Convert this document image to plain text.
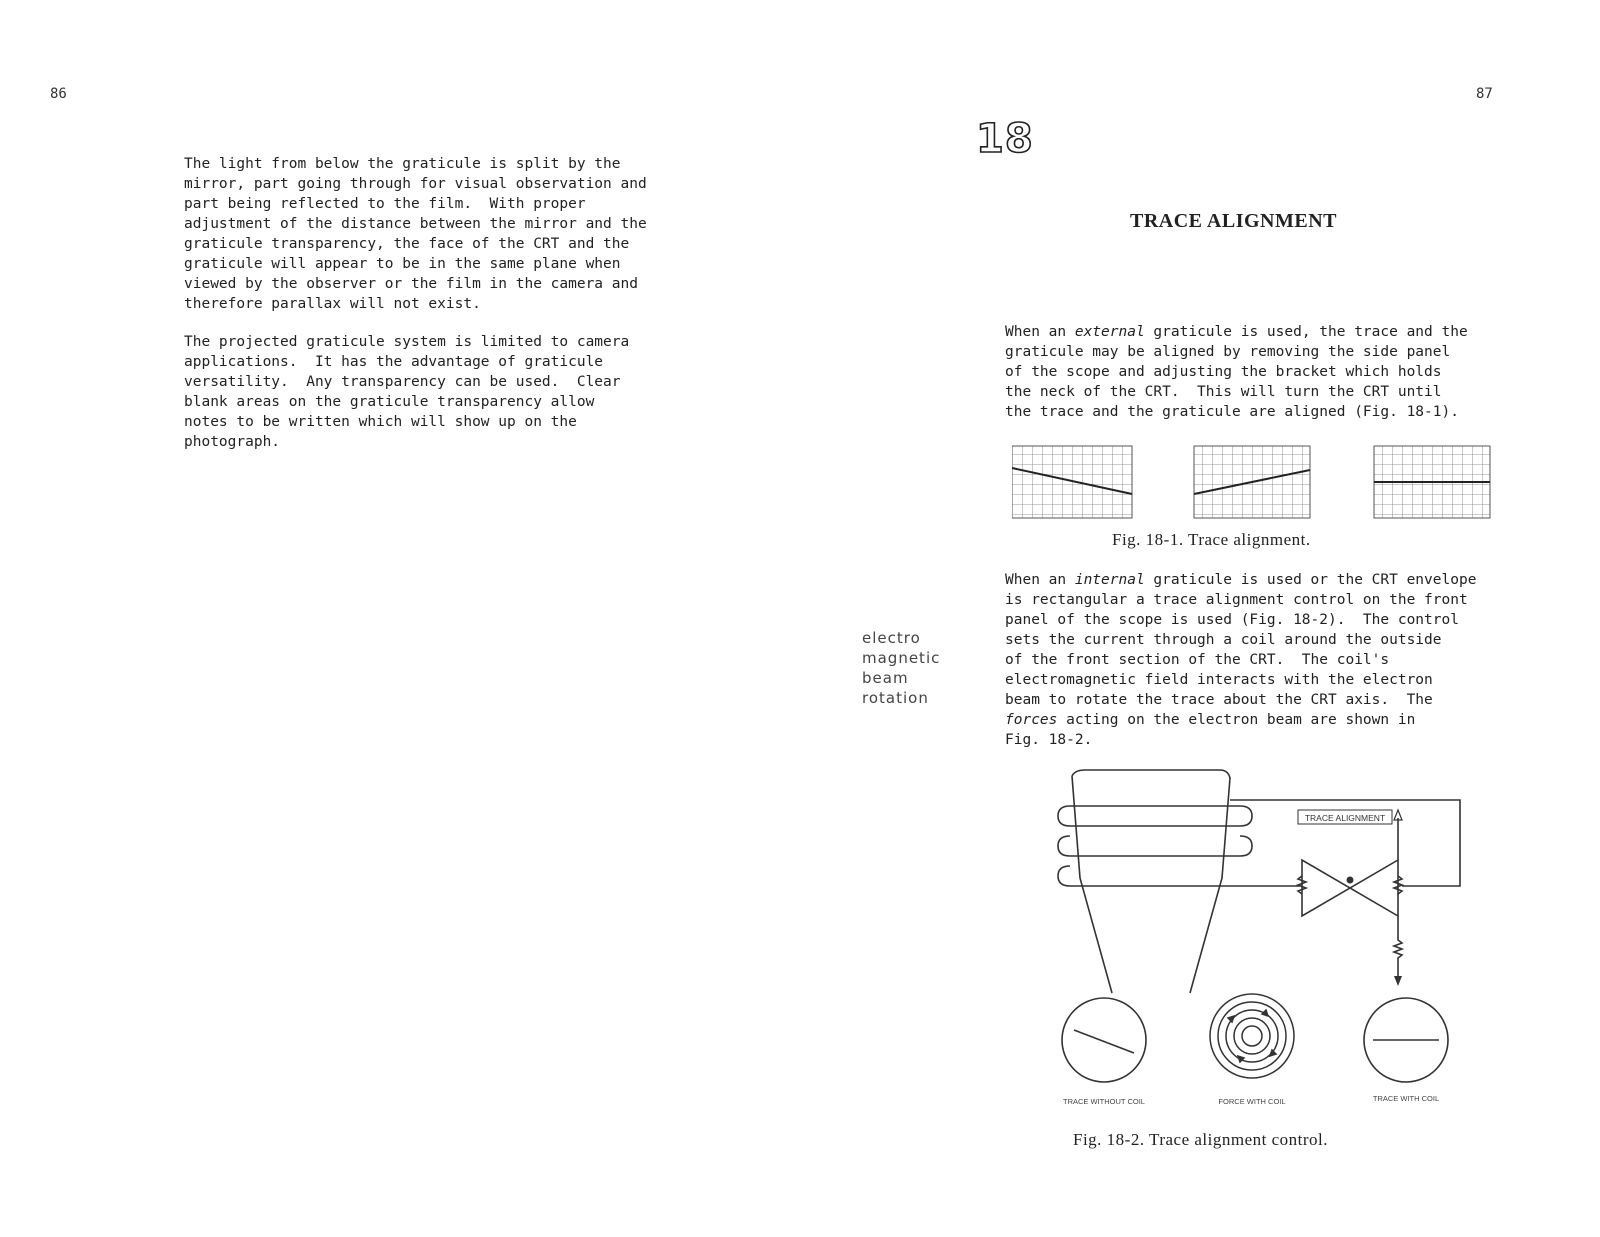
86

The light from below the graticule is split by the
mirror, part going through for visual observation and
part being reflected to the film.  With proper
adjustment of the distance between the mirror and the
graticule transparency, the face of the CRT and the
graticule will appear to be in the same plane when
viewed by the observer or the film in the camera and
therefore parallax will not exist.

The projected graticule system is limited to camera
applications.  It has the advantage of graticule
versatility.  Any transparency can be used.  Clear
blank areas on the graticule transparency allow
notes to be written which will show up on the
photograph.

87
18
TRACE ALIGNMENT

When an external graticule is used, the trace and the
graticule may be aligned by removing the side panel
of the scope and adjusting the bracket which holds
the neck of the CRT.  This will turn the CRT until
the trace and the graticule are aligned (Fig. 18-1).

Fig. 18-1. Trace alignment.
electro
magnetic
beam
rotation

When an internal graticule is used or the CRT envelope
is rectangular a trace alignment control on the front
panel of the scope is used (Fig. 18-2).  The control
sets the current through a coil around the outside
of the front section of the CRT.  The coil's
electromagnetic field interacts with the electron
beam to rotate the trace about the CRT axis.  The
forces acting on the electron beam are shown in
Fig. 18-2.

TRACE ALIGNMENT
TRACE WITHOUT COIL	FORCE WITH COIL	TRACE WITH COIL
Fig. 18-2. Trace alignment control.
